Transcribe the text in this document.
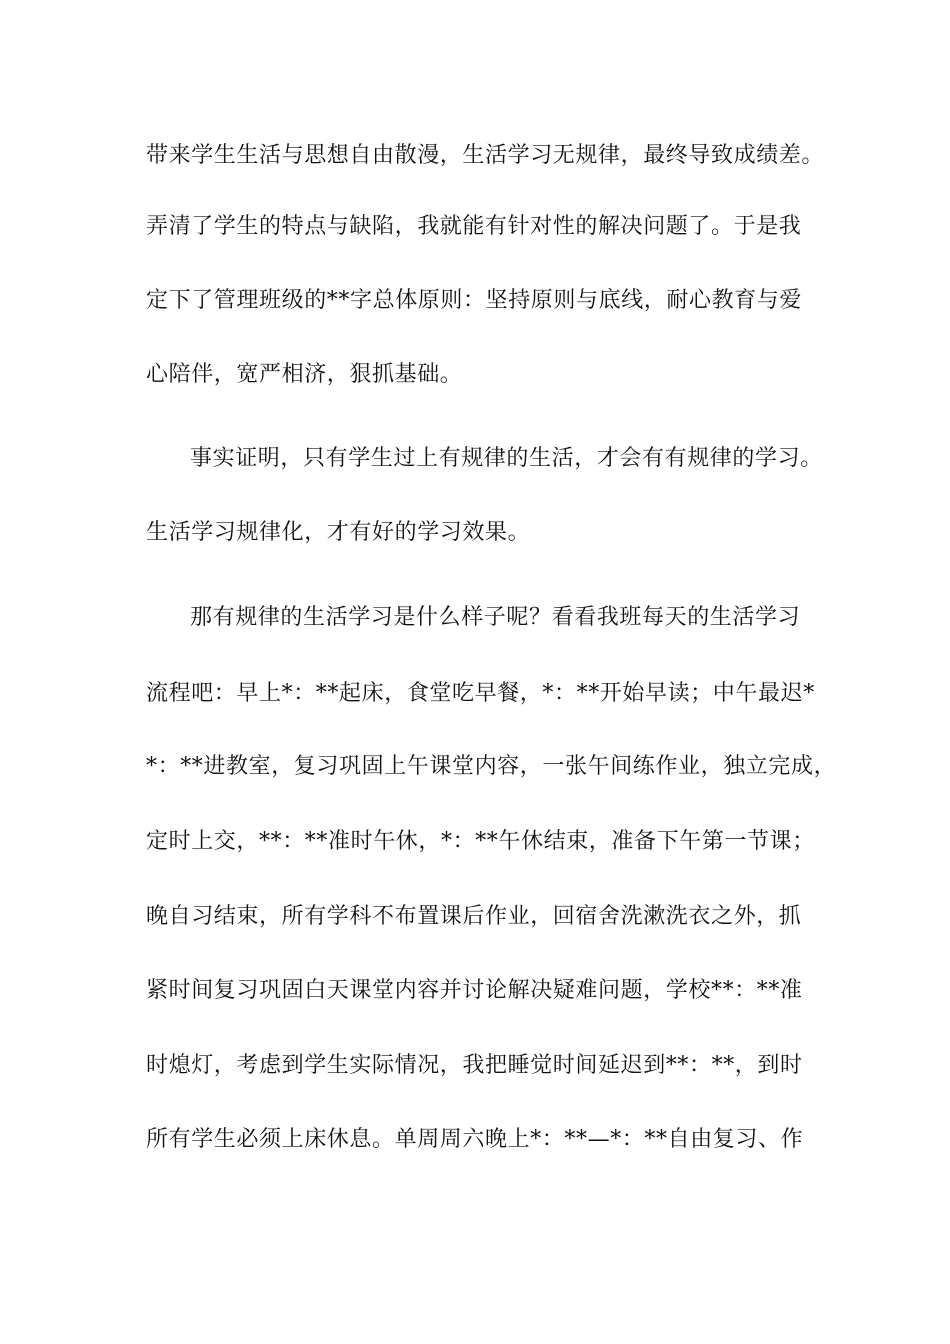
带来学生生活与思想自由散漫，生活学习无规律，最终导致成绩差。
弄清了学生的特点与缺陷，我就能有针对性的解决问题了。于是我
定下了管理班级的**字总体原则：坚持原则与底线，耐心教育与爱
心陪伴，宽严相济，狠抓基础。
事实证明，只有学生过上有规律的生活，才会有有规律的学习。
生活学习规律化，才有好的学习效果。
那有规律的生活学习是什么样子呢？看看我班每天的生活学习
流程吧：早上*：**起床，食堂吃早餐，*：**开始早读；中午最迟*
*：**进教室，复习巩固上午课堂内容，一张午间练作业，独立完成，
定时上交，**：**准时午休，*：**午休结束，准备下午第一节课；
晚自习结束，所有学科不布置课后作业，回宿舍洗漱洗衣之外，抓
紧时间复习巩固白天课堂内容并讨论解决疑难问题，学校**：**准
时熄灯，考虑到学生实际情况，我把睡觉时间延迟到**：**，到时
所有学生必须上床休息。单周周六晚上*：**—*：**自由复习、作
